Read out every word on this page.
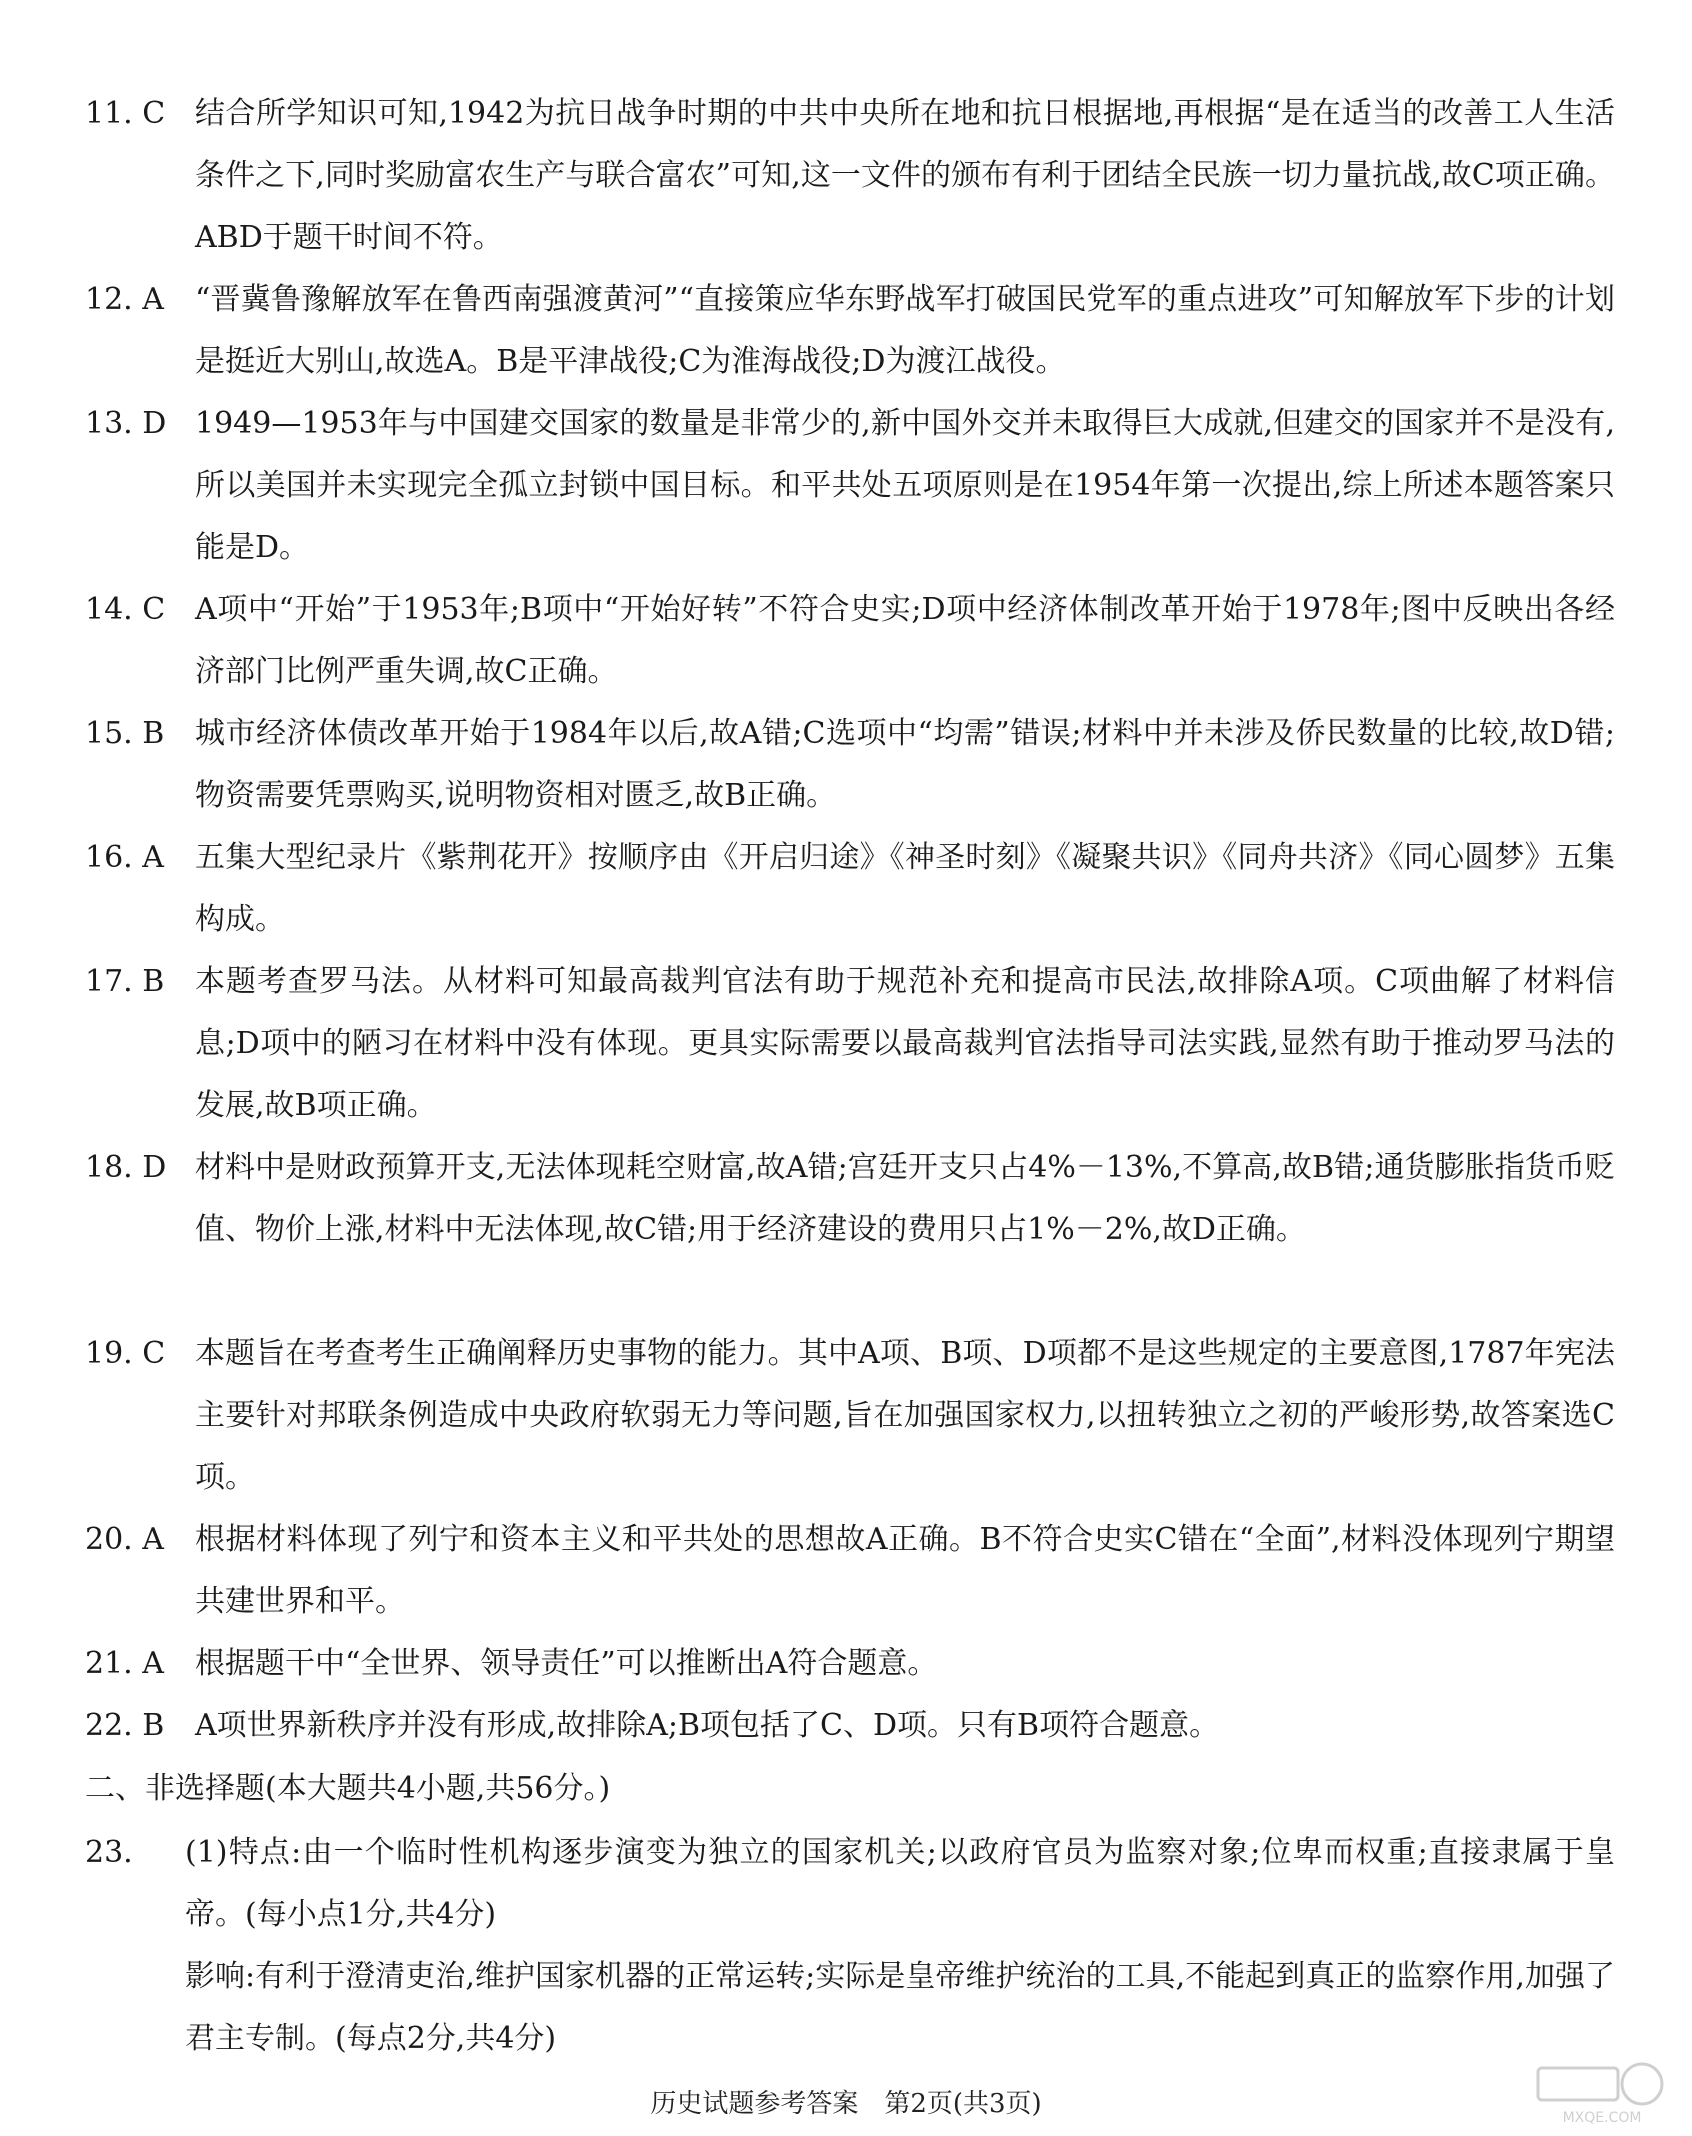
11. C 结合所学知识可知,1942为抗日战争时期的中共中央所在地和抗日根据地,再根据“是在适当的改善工人生活条件之下,同时奖励富农生产与联合富农”可知,这一文件的颁布有利于团结全民族一切力量抗战,故C项正确。ABD于题干时间不符。
12. A “晋冀鲁豫解放军在鲁西南强渡黄河”“直接策应华东野战军打破国民党军的重点进攻”可知解放军下步的计划是挺近大别山,故选A。B是平津战役;C为淮海战役;D为渡江战役。
13. D 1949—1953年与中国建交国家的数量是非常少的,新中国外交并未取得巨大成就,但建交的国家并不是没有,所以美国并未实现完全孤立封锁中国目标。和平共处五项原则是在1954年第一次提出,综上所述本题答案只能是D。
14. C A项中“开始”于1953年;B项中“开始好转”不符合史实;D项中经济体制改革开始于1978年;图中反映出各经济部门比例严重失调,故C正确。
15. B 城市经济体债改革开始于1984年以后,故A错;C选项中“均需”错误;材料中并未涉及侨民数量的比较,故D错;物资需要凭票购买,说明物资相对匮乏,故B正确。
16. A 五集大型纪录片《紫荆花开》按顺序由《开启归途》《神圣时刻》《凝聚共识》《同舟共济》《同心圆梦》五集构成。
17. B 本题考查罗马法。从材料可知最高裁判官法有助于规范补充和提高市民法,故排除A项。C项曲解了材料信息;D项中的陋习在材料中没有体现。更具实际需要以最高裁判官法指导司法实践,显然有助于推动罗马法的发展,故B项正确。
18. D 材料中是财政预算开支,无法体现耗空财富,故A错;宫廷开支只占4%－13%,不算高,故B错;通货膨胀指货币贬值、物价上涨,材料中无法体现,故C错;用于经济建设的费用只占1%－2%,故D正确。
19. C 本题旨在考查考生正确阐释历史事物的能力。其中A项、B项、D项都不是这些规定的主要意图,1787年宪法主要针对邦联条例造成中央政府软弱无力等问题,旨在加强国家权力,以扭转独立之初的严峻形势,故答案选C项。
20. A 根据材料体现了列宁和资本主义和平共处的思想故A正确。B不符合史实C错在“全面”,材料没体现列宁期望共建世界和平。
21. A 根据题干中“全世界、领导责任”可以推断出A符合题意。
22. B A项世界新秩序并没有形成,故排除A;B项包括了C、D项。只有B项符合题意。
二、非选择题(本大题共4小题,共56分。)
23. (1)特点:由一个临时性机构逐步演变为独立的国家机关;以政府官员为监察对象;位卑而权重;直接隶属于皇帝。(每小点1分,共4分)
影响:有利于澄清吏治,维护国家机器的正常运转;实际是皇帝维护统治的工具,不能起到真正的监察作用,加强了君主专制。(每点2分,共4分)
历史试题参考答案　第2页(共3页)	MXQE.COM
